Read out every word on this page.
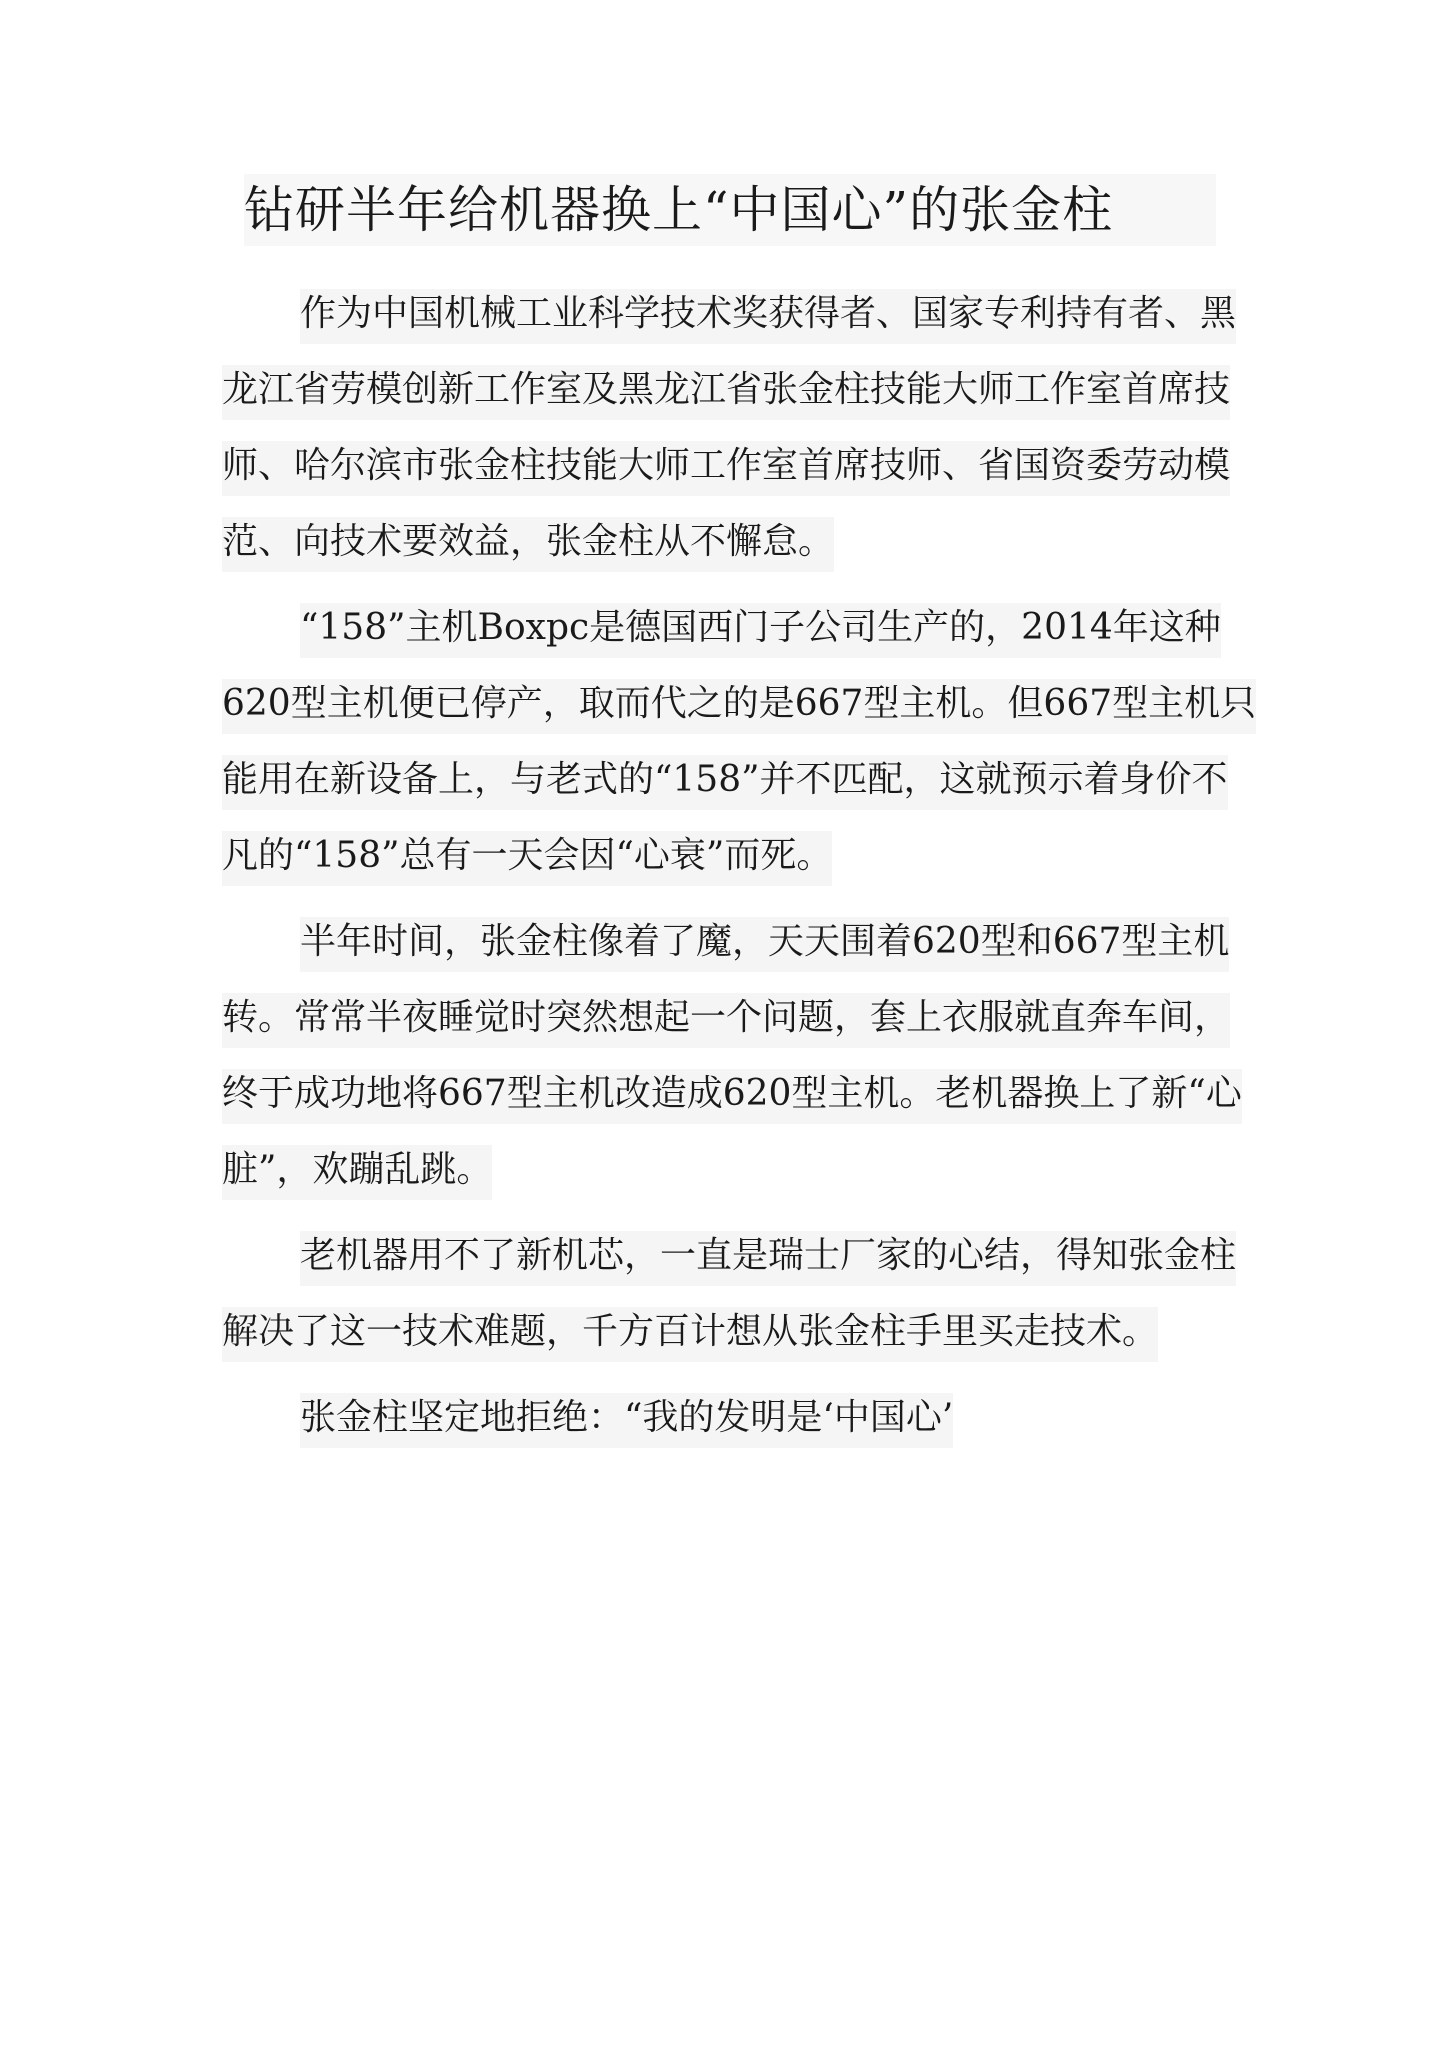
钻研半年给机器换上“中国心”的张金柱

作为中国机械工业科学技术奖获得者、国家专利持有者、黑龙江省劳模创新工作室及黑龙江省张金柱技能大师工作室首席技师、哈尔滨市张金柱技能大师工作室首席技师、省国资委劳动模范、向技术要效益，张金柱从不懈怠。

“158”主机Boxpc是德国西门子公司生产的，2014年这种620型主机便已停产，取而代之的是667型主机。但667型主机只能用在新设备上，与老式的“158”并不匹配，这就预示着身价不凡的“158”总有一天会因“心衰”而死。

半年时间，张金柱像着了魔，天天围着620型和667型主机转。常常半夜睡觉时突然想起一个问题，套上衣服就直奔车间，终于成功地将667型主机改造成620型主机。老机器换上了新“心脏”，欢蹦乱跳。

老机器用不了新机芯，一直是瑞士厂家的心结，得知张金柱解决了这一技术难题，千方百计想从张金柱手里买走技术。

张金柱坚定地拒绝：“我的发明是‘中国心’
